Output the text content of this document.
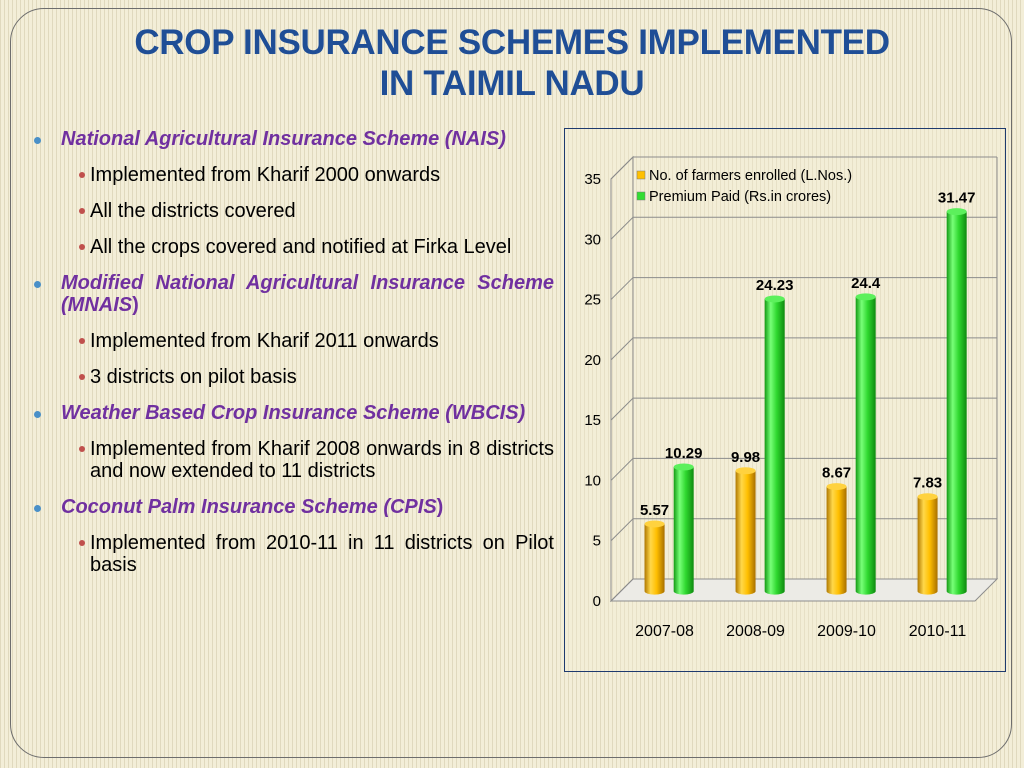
CROP INSURANCE SCHEMES IMPLEMENTED
IN TAIMIL NADU
National Agricultural Insurance Scheme (NAIS)
Implemented from Kharif 2000 onwards
All the districts covered
All the crops covered and notified at Firka Level
Modified National Agricultural Insurance Scheme (MNAIS)
Implemented from Kharif 2011 onwards
3 districts on pilot basis
Weather Based Crop Insurance Scheme (WBCIS)
Implemented from Kharif 2008 onwards in 8 districts and now extended to 11 districts
Coconut Palm Insurance Scheme (CPIS)
Implemented from 2010-11 in 11 districts on Pilot basis
0
5
10
15
20
25
30
35
5.57
10.29
2007-08
9.98
24.23
2008-09
8.67
24.4
2009-10
7.83
31.47
2010-11
No. of farmers enrolled (L.Nos.)
Premium Paid (Rs.in crores)
